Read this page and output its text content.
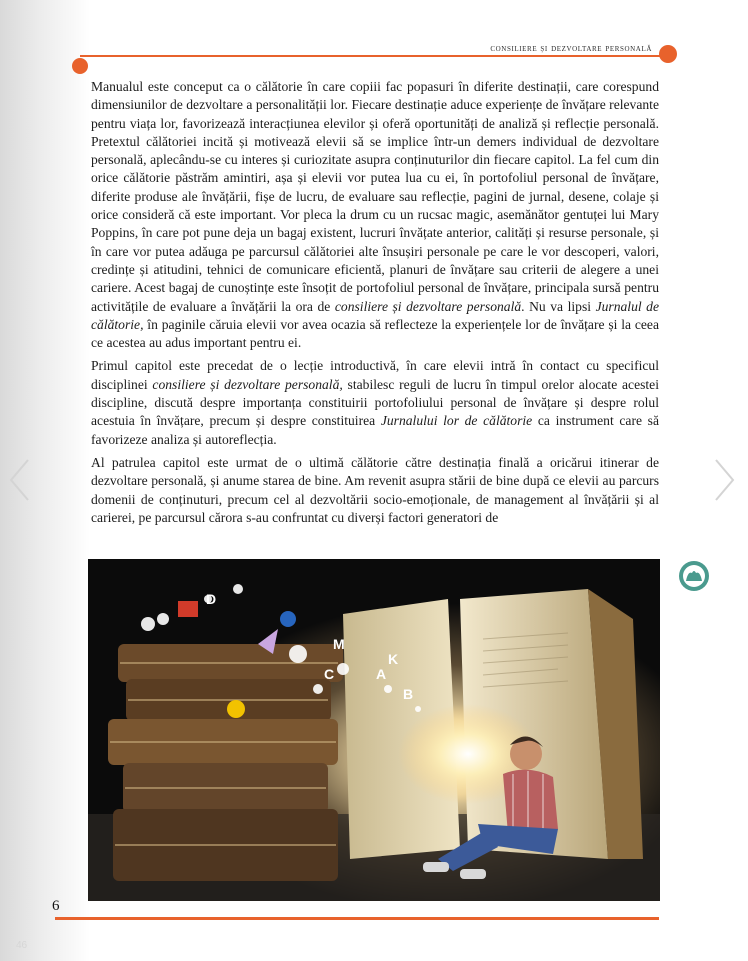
consiliere și dezvoltare personală

Manualul este conceput ca o călătorie în care copiii fac popasuri în diferite destinații, care corespund dimensiunilor de dezvoltare a personalității lor. Fiecare destinație aduce experiențe de învățare relevante pentru viața lor, favorizează interacțiunea elevilor și oferă oportunități de analiză și reflecție personală. Pretextul călătoriei incită și motivează elevii să se implice într-un demers individual de dezvoltare personală, aplecându-se cu interes și curiozitate asupra conținuturilor din fiecare capitol. La fel cum din orice călătorie păstrăm amintiri, așa și elevii vor putea lua cu ei, în portofoliul personal de învățare, diferite produse ale învățării, fișe de lucru, de evaluare sau reflecție, pagini de jurnal, desene, colaje și orice consideră că este important. Vor pleca la drum cu un rucsac magic, asemănător gentuței lui Mary Poppins, în care pot pune deja un bagaj existent, lucruri învățate anterior, calități și resurse personale, și în care vor putea adăuga pe parcursul călătoriei alte însușiri personale pe care le vor descoperi, valori, credințe și atitudini, tehnici de comunicare eficientă, planuri de învățare sau criterii de alegere a unei cariere. Acest bagaj de cunoștințe este însoțit de portofoliul personal de învățare, principala sursă pentru activitățile de evaluare a învățării la ora de consiliere și dezvoltare personală. Nu va lipsi Jurnalul de călătorie, în paginile căruia elevii vor avea ocazia să reflecteze la experiențele lor de învățare și la ceea ce acestea au adus important pentru ei.

Primul capitol este precedat de o lecție introductivă, în care elevii intră în contact cu specificul disciplinei consiliere și dezvoltare personală, stabilesc reguli de lucru în timpul orelor alocate acestei discipline, discută despre importanța constituirii portofoliului personal de învățare și despre rolul acestuia în învățare, precum și despre constituirea Jurnalului lor de călătorie ca instrument care să favorizeze analiza și autoreflecția.

Al patrulea capitol este urmat de o ultimă călătorie către destinația finală a oricărui itinerar de dezvoltare personală, și anume starea de bine. Am revenit asupra stării de bine după ce elevii au parcurs domenii de conținuturi, precum cel al dezvoltării socio-emoționale, de management al învățării și al carierei, pe parcursul cărora s-au confruntat cu diverși factori generatori de

D
M
A
K
B
C
6
46
